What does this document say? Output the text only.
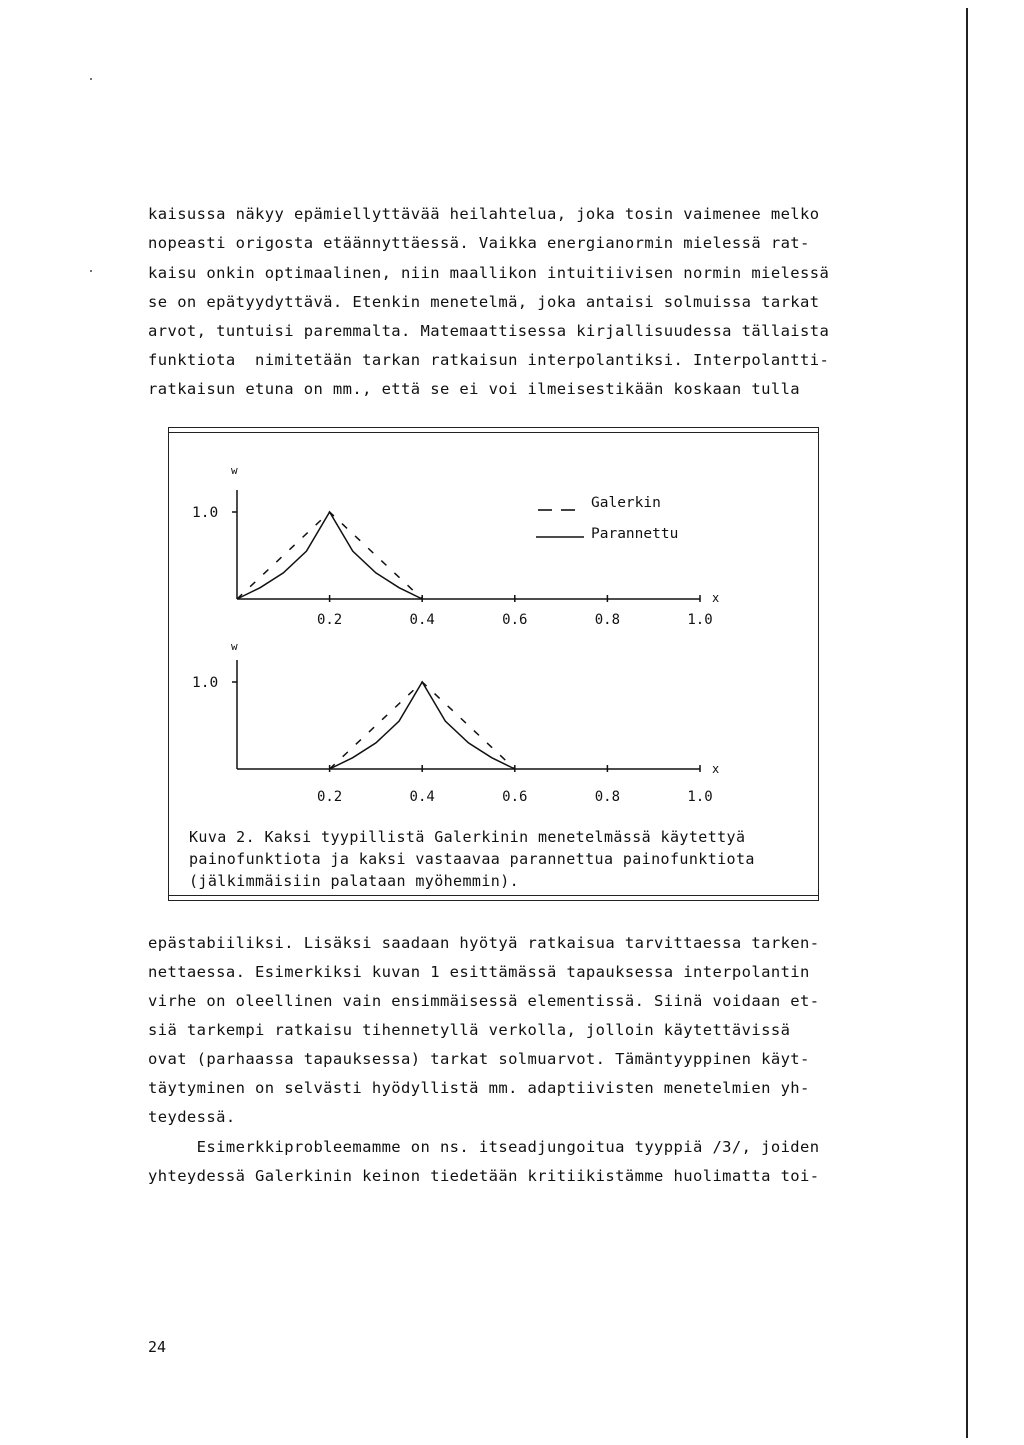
kaisussa näkyy epämiellyttävää heilahtelua, joka tosin vaimenee melko
nopeasti origosta etäännyttäessä. Vaikka energianormin mielessä rat-
kaisu onkin optimaalinen, niin maallikon intuitiivisen normin mielessä
se on epätyydyttävä. Etenkin menetelmä, joka antaisi solmuissa tarkat
arvot, tuntuisi paremmalta. Matemaattisessa kirjallisuudessa tällaista
funktiota  nimitetään tarkan ratkaisun interpolantiksi. Interpolantti-
ratkaisun etuna on mm., että se ei voi ilmeisestikään koskaan tulla
1.0
w
x
0.2	0.4	0.6	0.8	1.0
1.0
w
x
0.2	0.4	0.6	0.8	1.0
Galerkin
Parannettu
Kuva 2. Kaksi tyypillistä Galerkinin menetelmässä käytettyä
painofunktiota ja kaksi vastaavaa parannettua painofunktiota
(jälkimmäisiin palataan myöhemmin).
epästabiiliksi. Lisäksi saadaan hyötyä ratkaisua tarvittaessa tarken-
nettaessa. Esimerkiksi kuvan 1 esittämässä tapauksessa interpolantin
virhe on oleellinen vain ensimmäisessä elementissä. Siinä voidaan et-
siä tarkempi ratkaisu tihennetyllä verkolla, jolloin käytettävissä
ovat (parhaassa tapauksessa) tarkat solmuarvot. Tämäntyyppinen käyt-
täytyminen on selvästi hyödyllistä mm. adaptiivisten menetelmien yh-
teydessä.
Esimerkkiprobleemamme on ns. itseadjungoitua tyyppiä /3/, joiden
yhteydessä Galerkinin keinon tiedetään kritiikistämme huolimatta toi-
24
